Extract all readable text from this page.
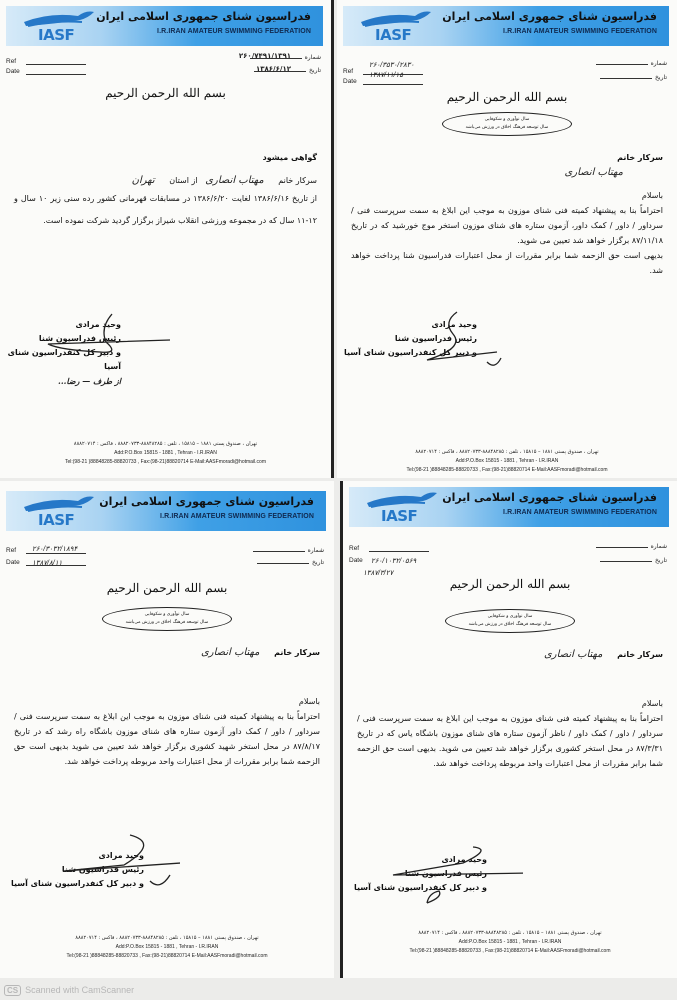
IASF
فدراسیون شنای جمهوری اسلامی ایران
I.R.IRAN AMATEUR SWIMMING FEDERATION
Ref
Date
شماره
۲۶۰/۷۴۹۱/۱۳۹۱
تاریخ
۱۳۸۶/۶/۱۲
بسم الله الرحمن الرحیم

گواهی میشود

سرکار خانم مهتاب انصاری   از استان تهران

از تاریخ ۱۳۸۶/۶/۱۶ لغایت ۱۳۸۶/۶/۲۰ در مسابقات قهرمانی کشور رده سنی زیر ۱۰ سال و ۱۲-۱۱ سال که در مجموعه ورزشی انقلاب شیراز برگزار گردید شرکت نموده است.

وحید مرادی
رئیس فدراسیون شنا
و دبیر کل کنفدراسیون شنای آسیا
از طرف — رضا...
تهران ، صندوق پستی ۱۸۸۱ – ۱۵۸۱۵ ، تلفن : ۸۸۸۴۸۲۸۵-۸۸۸۲۰۷۳۳ ، فاکس : ۸۸۸۲۰۷۱۴
Add:P.O.Box 15815 - 1881 , Tehran - I.R.IRAN
Tel:(98-21 )88848285-88820733 , Fax:(98-21)88820714 E-Mail:AASFmoradi@hotmail.com
IASF
فدراسیون شنای جمهوری اسلامی ایران
I.R.IRAN AMATEUR SWIMMING FEDERATION
Ref
۲۶۰/۳۵۳۰/۲۸۳۰
Date
۱۳۸۷/۱۱/۱۵
شماره
تاریخ
بسم الله الرحمن الرحیم
سال نوآوری و شکوفایی
سال توسعه فرهنگ اخلاق در ورزش می‌باشد

سرکار خانم

مهتاب انصاری

باسلام

احتراماً بنا به پیشنهاد کمیته فنی شنای موزون به موجب این ابلاغ به سمت سرپرست فنی / سرداور / داور / کمک داور، آزمون ستاره های شنای موزون استخر موج خورشید که در تاریخ ۸۷/۱۱/۱۸ برگزار خواهد شد تعیین می شوید.

بدیهی است حق الزحمه شما برابر مقررات از محل اعتبارات فدراسیون شنا پرداخت خواهد شد.

وحید مرادی
رئیس فدراسیون شنا
و دبیر کل کنفدراسیون شنای آسیا
تهران ، صندوق پستی ۱۸۸۱ – ۱۵۸۱۵ ، تلفن : ۸۸۸۴۸۲۸۵-۸۸۸۲۰۷۳۳ ، فاکس : ۸۸۸۲۰۷۱۴
Add:P.O.Box 15815 - 1881 , Tehran - I.R.IRAN
Tel:(98-21 )88848285-88820733 , Fax:(98-21)88820714 E-Mail:AASFmoradi@hotmail.com
IASF
فدراسیون شنای جمهوری اسلامی ایران
I.R.IRAN AMATEUR SWIMMING FEDERATION
Ref ۲۶۰/۳۰۳۲/۱۸۹۴
Date ۱۳۸۷/۸/۱۱
شماره
تاریخ
بسم الله الرحمن الرحیم
سال نوآوری و شکوفایی
سال توسعه فرهنگ اخلاق در ورزش می‌باشد

سرکار خانم مهتاب انصاری

باسلام

احتراماً بنا به پیشنهاد کمیته فنی شنای موزون به موجب این ابلاغ به سمت سرپرست فنی / سرداور / داور / کمک داور آزمون ستاره های شنای موزون باشگاه راه رشد که در تاریخ ۸۷/۸/۱۷ در محل استخر شهید کشوری برگزار خواهد شد تعیین می شوید بدیهی است حق الزحمه شما برابر مقررات از محل اعتبارات واحد مربوطه پرداخت خواهد شد.

وحید مرادی
رئیس فدراسیون شنا
و دبیر کل کنفدراسیون شنای آسیا
تهران ، صندوق پستی ۱۸۸۱ – ۱۵۸۱۵ ، تلفن : ۸۸۸۴۸۲۸۵-۸۸۸۲۰۷۳۳ ، فاکس : ۸۸۸۲۰۷۱۴
Add:P.O.Box 15815 - 1881 , Tehran - I.R.IRAN
Tel:(98-21 )88848285-88820733 , Fax:(98-21)88820714 E-Mail:AASFmoradi@hotmail.com
IASF
فدراسیون شنای جمهوری اسلامی ایران
I.R.IRAN AMATEUR SWIMMING FEDERATION
Ref
Date ۲۶۰/۱۰۳۲/۰۵۶۹
۱۳۸۷/۳/۲۷
شماره
تاریخ
بسم الله الرحمن الرحیم
سال نوآوری و شکوفایی
سال توسعه فرهنگ اخلاق در ورزش می‌باشد

سرکار خانم مهتاب انصاری

باسلام

احتراماً بنا به پیشنهاد کمیته فنی شنای موزون به موجب این ابلاغ به سمت سرپرست فنی / سرداور / داور / کمک داور / ناظر آزمون ستاره های شنای موزون باشگاه یاس که در تاریخ ۸۷/۳/۳۱ در محل استخر کشوری برگزار خواهد شد تعیین می شوید. بدیهی است حق الزحمه شما برابر مقررات از محل اعتبارات واحد مربوطه پرداخت خواهد شد.

وحید مرادی
رئیس فدراسیون شنا
و دبیر کل کنفدراسیون شنای آسیا
تهران ، صندوق پستی ۱۸۸۱ – ۱۵۸۱۵ ، تلفن : ۸۸۸۴۸۲۸۵-۸۸۸۲۰۷۳۳ ، فاکس : ۸۸۸۲۰۷۱۴
Add:P.O.Box 15815 - 1881 , Tehran - I.R.IRAN
Tel:(98-21 )88848285-88820733 , Fax:(98-21)88820714 E-Mail:AASFmoradi@hotmail.com
CS Scanned with CamScanner
